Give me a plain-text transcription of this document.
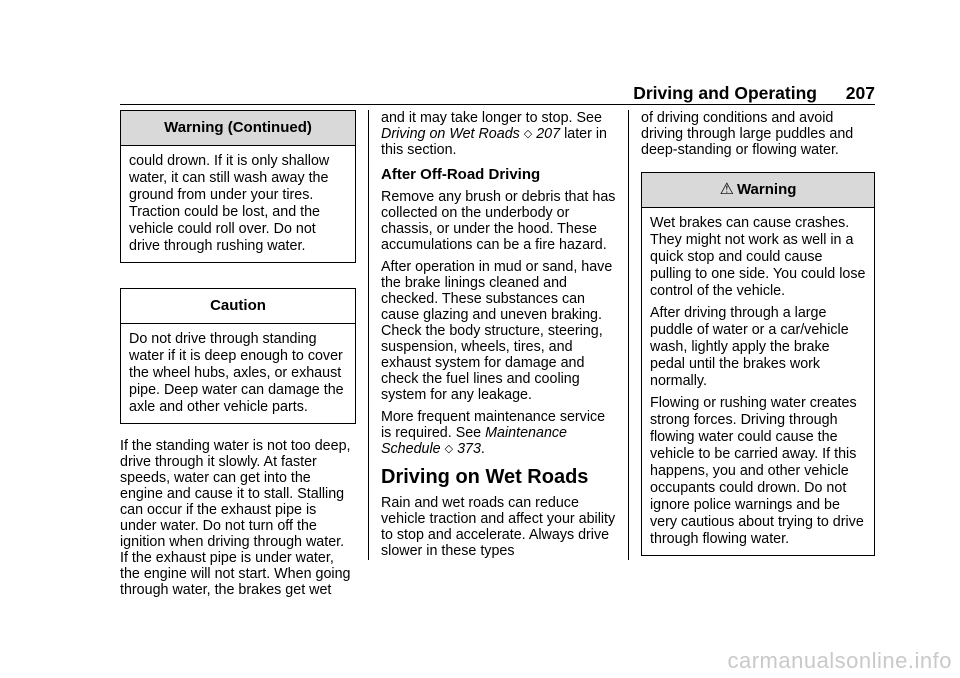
Driving and Operating 207
Warning (Continued)

could drown. If it is only shallow water, it can still wash away the ground from under your tires. Traction could be lost, and the vehicle could roll over. Do not drive through rushing water.

Caution

Do not drive through standing water if it is deep enough to cover the wheel hubs, axles, or exhaust pipe. Deep water can damage the axle and other vehicle parts.

If the standing water is not too deep, drive through it slowly. At faster speeds, water can get into the engine and cause it to stall. Stalling can occur if the exhaust pipe is under water. Do not turn off the ignition when driving through water. If the exhaust pipe is under water, the engine will not start. When going through water, the brakes get wet

and it may take longer to stop. See Driving on Wet Roads ◇ 207 later in this section.

After Off-Road Driving

Remove any brush or debris that has collected on the underbody or chassis, or under the hood. These accumulations can be a fire hazard.

After operation in mud or sand, have the brake linings cleaned and checked. These substances can cause glazing and uneven braking. Check the body structure, steering, suspension, wheels, tires, and exhaust system for damage and check the fuel lines and cooling system for any leakage.

More frequent maintenance service is required. See Maintenance Schedule ◇ 373.

Driving on Wet Roads

Rain and wet roads can reduce vehicle traction and affect your ability to stop and accelerate. Always drive slower in these types

of driving conditions and avoid driving through large puddles and deep-standing or flowing water.

⚠ Warning

Wet brakes can cause crashes. They might not work as well in a quick stop and could cause pulling to one side. You could lose control of the vehicle.

After driving through a large puddle of water or a car/vehicle wash, lightly apply the brake pedal until the brakes work normally.

Flowing or rushing water creates strong forces. Driving through flowing water could cause the vehicle to be carried away. If this happens, you and other vehicle occupants could drown. Do not ignore police warnings and be very cautious about trying to drive through flowing water.

carmanualsonline.info
